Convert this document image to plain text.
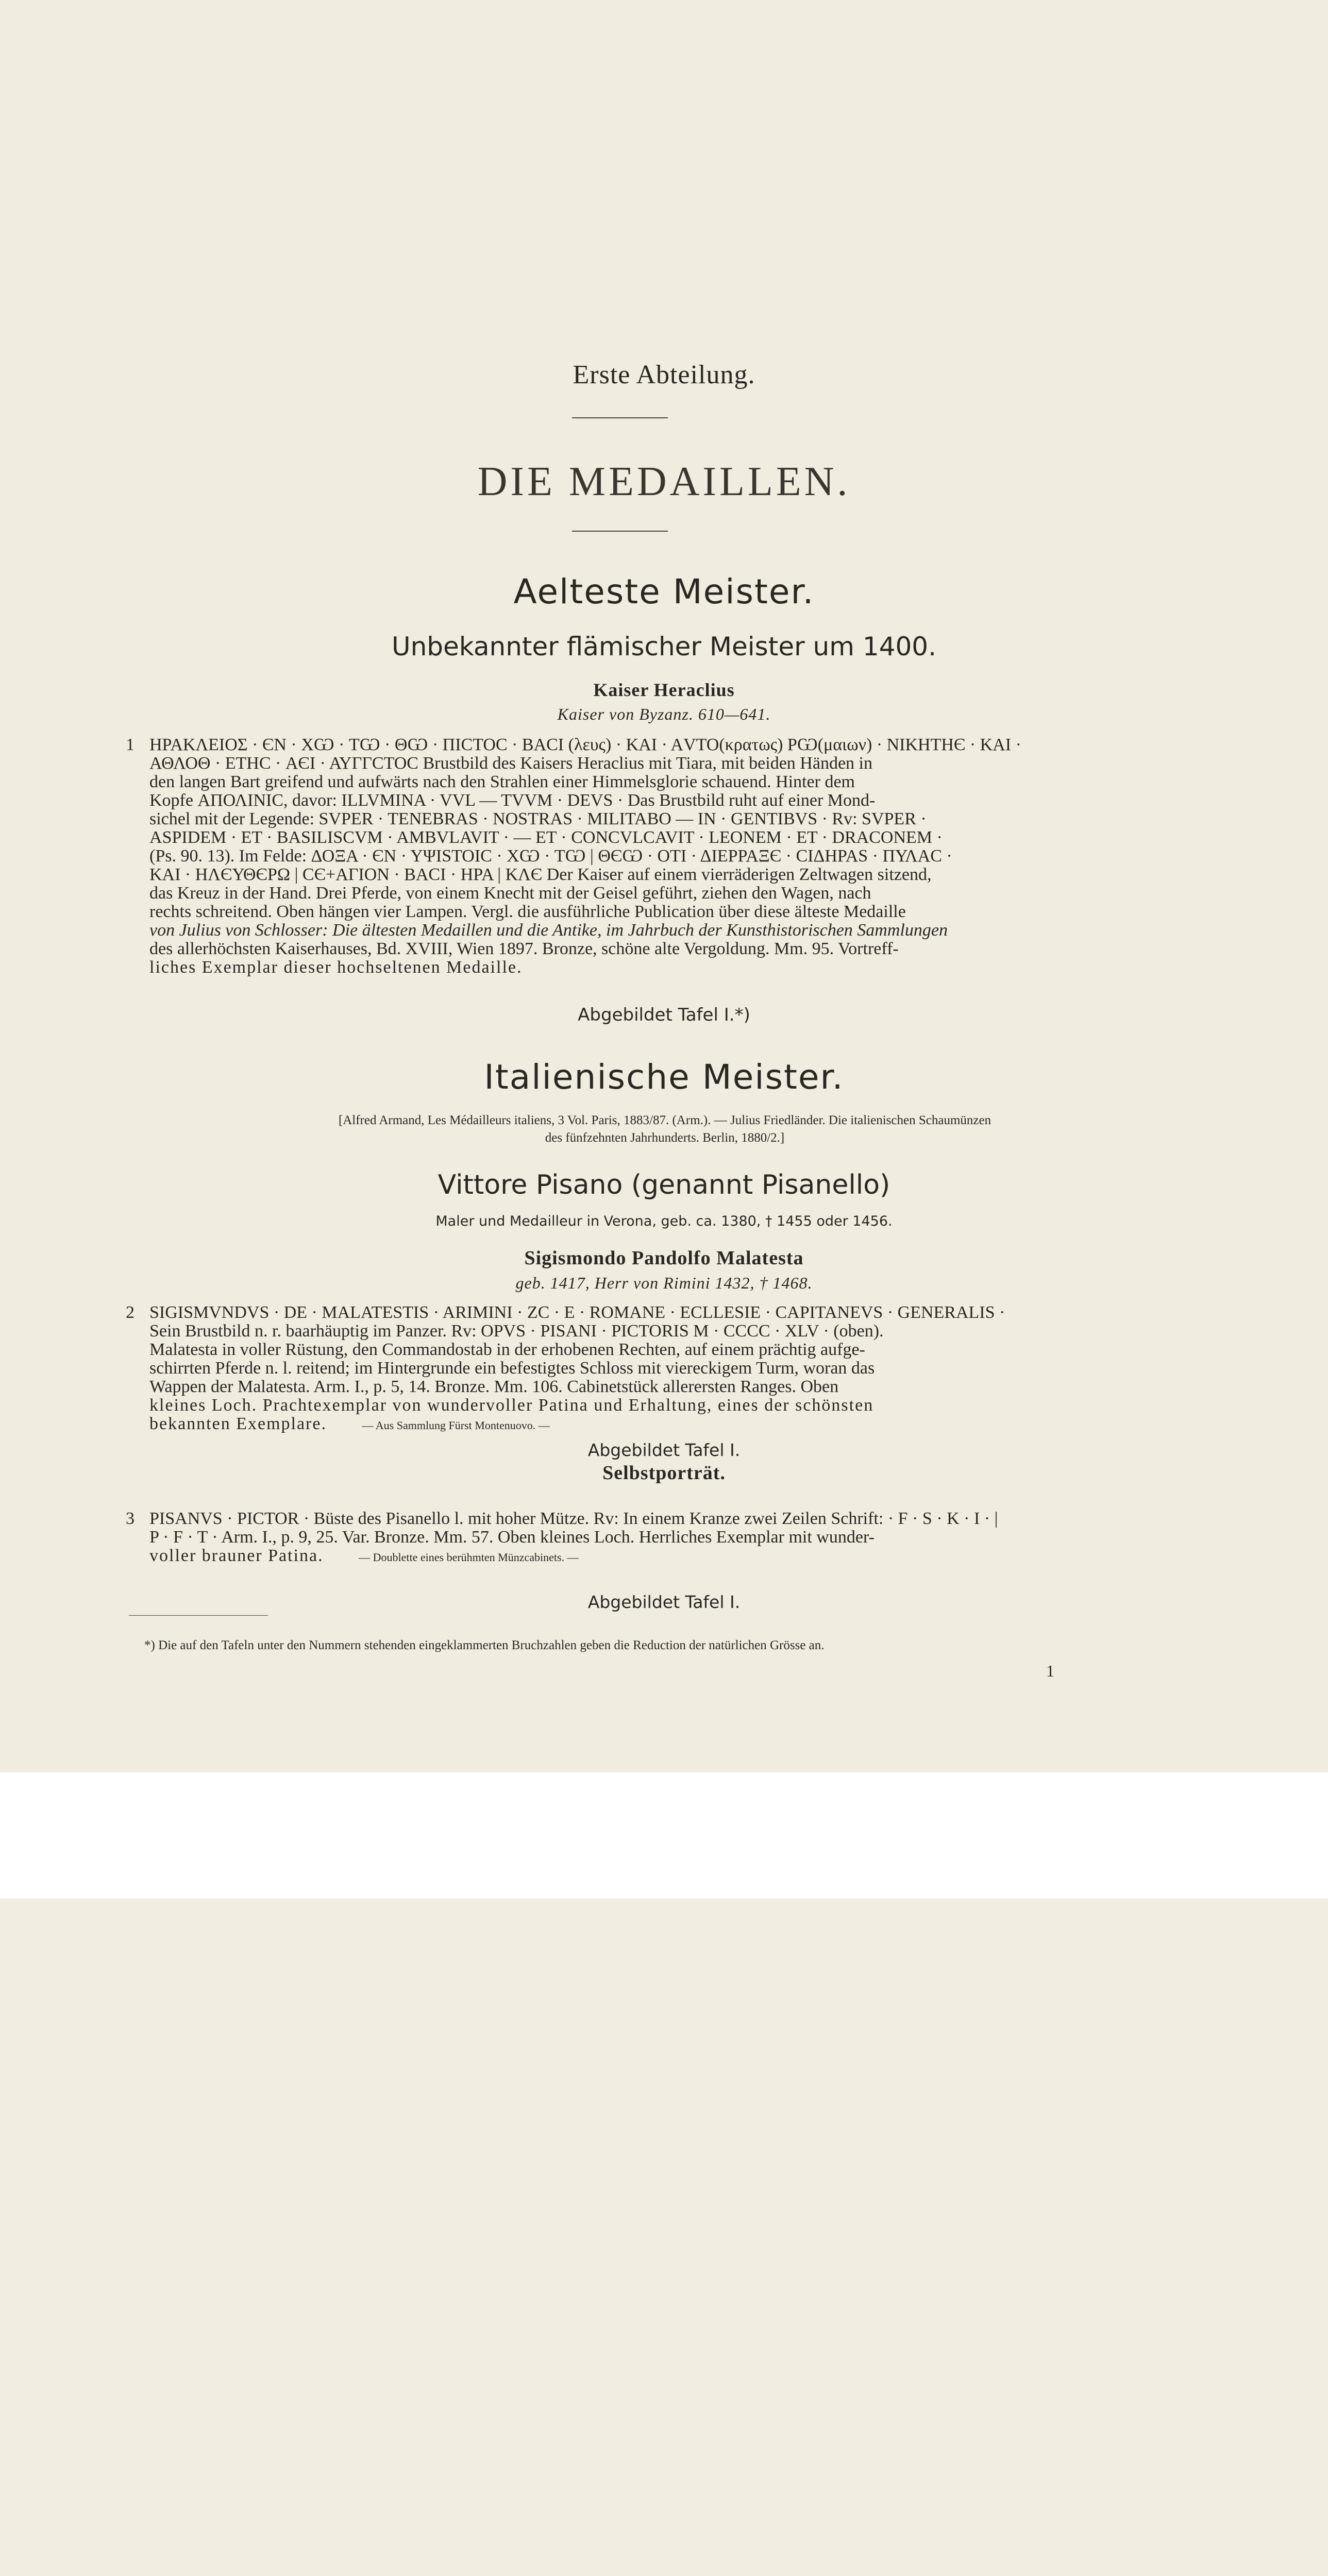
Erste Abteilung.
DIE MEDAILLEN.
Aelteste Meister.
Unbekannter flämischer Meister um 1400.
Kaiser Heraclius
Kaiser von Byzanz. 610—641.
1 ΗΡΑΚΛΕΙΟΣ · ЄΝ · ΧѠ · ΤѠ · ΘѠ · ΠΙCΤΟC · ΒΑCΙ (λευς) · ΚΑΙ · ΑVΤΟ(κρατως) ΡѠ(μαιων) · ΝΙΚΗΤΗЄ · ΚΑΙ ·
ΑΘΛΟΘ · ΕΤΗC · ΑЄΙ · ΑΥΓΓCΤΟC Brustbild des Kaisers Heraclius mit Tiara, mit beiden Händen in
den langen Bart greifend und aufwärts nach den Strahlen einer Himmelsglorie schauend. Hinter dem
Kopfe ΑΠΟΛΙΝΙC, davor: ILLVMINA · VVL — TVVM · DEVS · Das Brustbild ruht auf einer Mond-
sichel mit der Legende: SVPER · TENEBRAS · NOSTRAS · MILITABO — IN · GENTIBVS · Rv: SVPER ·
ASPIDEM · ET · BASILISCVM · AMBVLAVIT · — ET · CONCVLCAVIT · LEONEM · ET · DRACONEM ·
(Ps. 90. 13). Im Felde: ΔΟΞΑ · ЄΝ · ΥΨΙSΤΟΙC · ΧѠ · ΤѠ | ΘЄѠ · ΟΤΙ · ΔΙΕΡΡΑΞЄ · CΙΔΗΡΑS · ΠΥΛΑC ·
ΚΑΙ · ΗΛЄΥΘЄΡΩ | CЄ+ΑΓΙΟΝ · ΒΑCΙ · ΗΡΑ | ΚΛЄ Der Kaiser auf einem vierräderigen Zeltwagen sitzend,
das Kreuz in der Hand. Drei Pferde, von einem Knecht mit der Geisel geführt, ziehen den Wagen, nach
rechts schreitend. Oben hängen vier Lampen. Vergl. die ausführliche Publication über diese älteste Medaille
von Julius von Schlosser: Die ältesten Medaillen und die Antike, im Jahrbuch der Kunsthistorischen Sammlungen
des allerhöchsten Kaiserhauses, Bd. XVIII, Wien 1897. Bronze, schöne alte Vergoldung. Mm. 95. Vortreff-
liches Exemplar dieser hochseltenen Medaille.

Abgebildet Tafel I.*)
Italienische Meister.
[Alfred Armand, Les Médailleurs italiens, 3 Vol. Paris, 1883/87. (Arm.). — Julius Friedländer. Die italienischen Schaumünzen
des fünfzehnten Jahrhunderts. Berlin, 1880/2.]
Vittore Pisano (genannt Pisanello)
Maler und Medailleur in Verona, geb. ca. 1380, † 1455 oder 1456.
Sigismondo Pandolfo Malatesta
geb. 1417, Herr von Rimini 1432, † 1468.
2 SIGISMVNDVS · DE · MALATESTIS · ARIMINI · ZC · E · ROMANE · ECLLESIE · CAPITANEVS · GENERALIS ·
Sein Brustbild n. r. baarhäuptig im Panzer. Rv: OPVS · PISANI · PICTORIS M · CCCC · XLV · (oben).
Malatesta in voller Rüstung, den Commandostab in der erhobenen Rechten, auf einem prächtig aufge-
schirrten Pferde n. l. reitend; im Hintergrunde ein befestigtes Schloss mit viereckigem Turm, woran das
Wappen der Malatesta. Arm. I., p. 5, 14. Bronze. Mm. 106. Cabinetstück allerersten Ranges. Oben
kleines Loch. Prachtexemplar von wundervoller Patina und Erhaltung, eines der schönsten
bekannten Exemplare.	— Aus Sammlung Fürst Montenuovo. —

Abgebildet Tafel I.
Selbstporträt.
3 PISANVS · PICTOR · Büste des Pisanello l. mit hoher Mütze. Rv: In einem Kranze zwei Zeilen Schrift: · F · S · K · I · |
P · F · T · Arm. I., p. 9, 25. Var. Bronze. Mm. 57. Oben kleines Loch. Herrliches Exemplar mit wunder-
voller brauner Patina.	— Doublette eines berühmten Münzcabinets. —

Abgebildet Tafel I.
*) Die auf den Tafeln unter den Nummern stehenden eingeklammerten Bruchzahlen geben die Reduction der natürlichen Grösse an.
1
